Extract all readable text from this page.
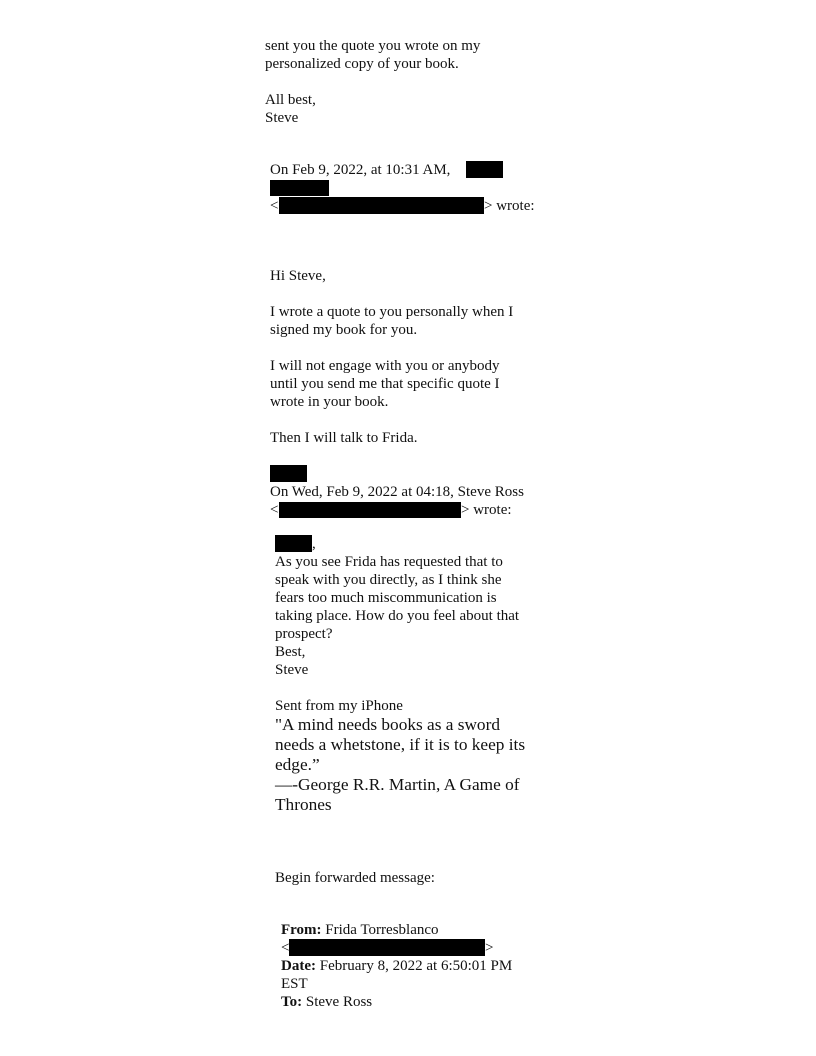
sent you the quote you wrote on my
personalized copy of your book.
All best,
Steve
On Feb 9, 2022, at 10:31 AM,
<	> wrote:
Hi Steve,
I wrote a quote to you personally when I
signed my book for you.
I will not engage with you or anybody
until you send me that specific quote I
wrote in your book.
Then I will talk to Frida.
On Wed, Feb 9, 2022 at 04:18, Steve Ross
<	> wrote:
,
As you see Frida has requested that to
speak with you directly, as I think she
fears too much miscommunication is
taking place. How do you feel about that
prospect?
Best,
Steve
Sent from my iPhone
"A mind needs books as a sword
needs a whetstone, if it is to keep its
edge.”
—-George R.R. Martin, A Game of
Thrones
Begin forwarded message:
From: Frida Torresblanco
<	>
Date: February 8, 2022 at 6:50:01 PM
EST
To: Steve Ross
